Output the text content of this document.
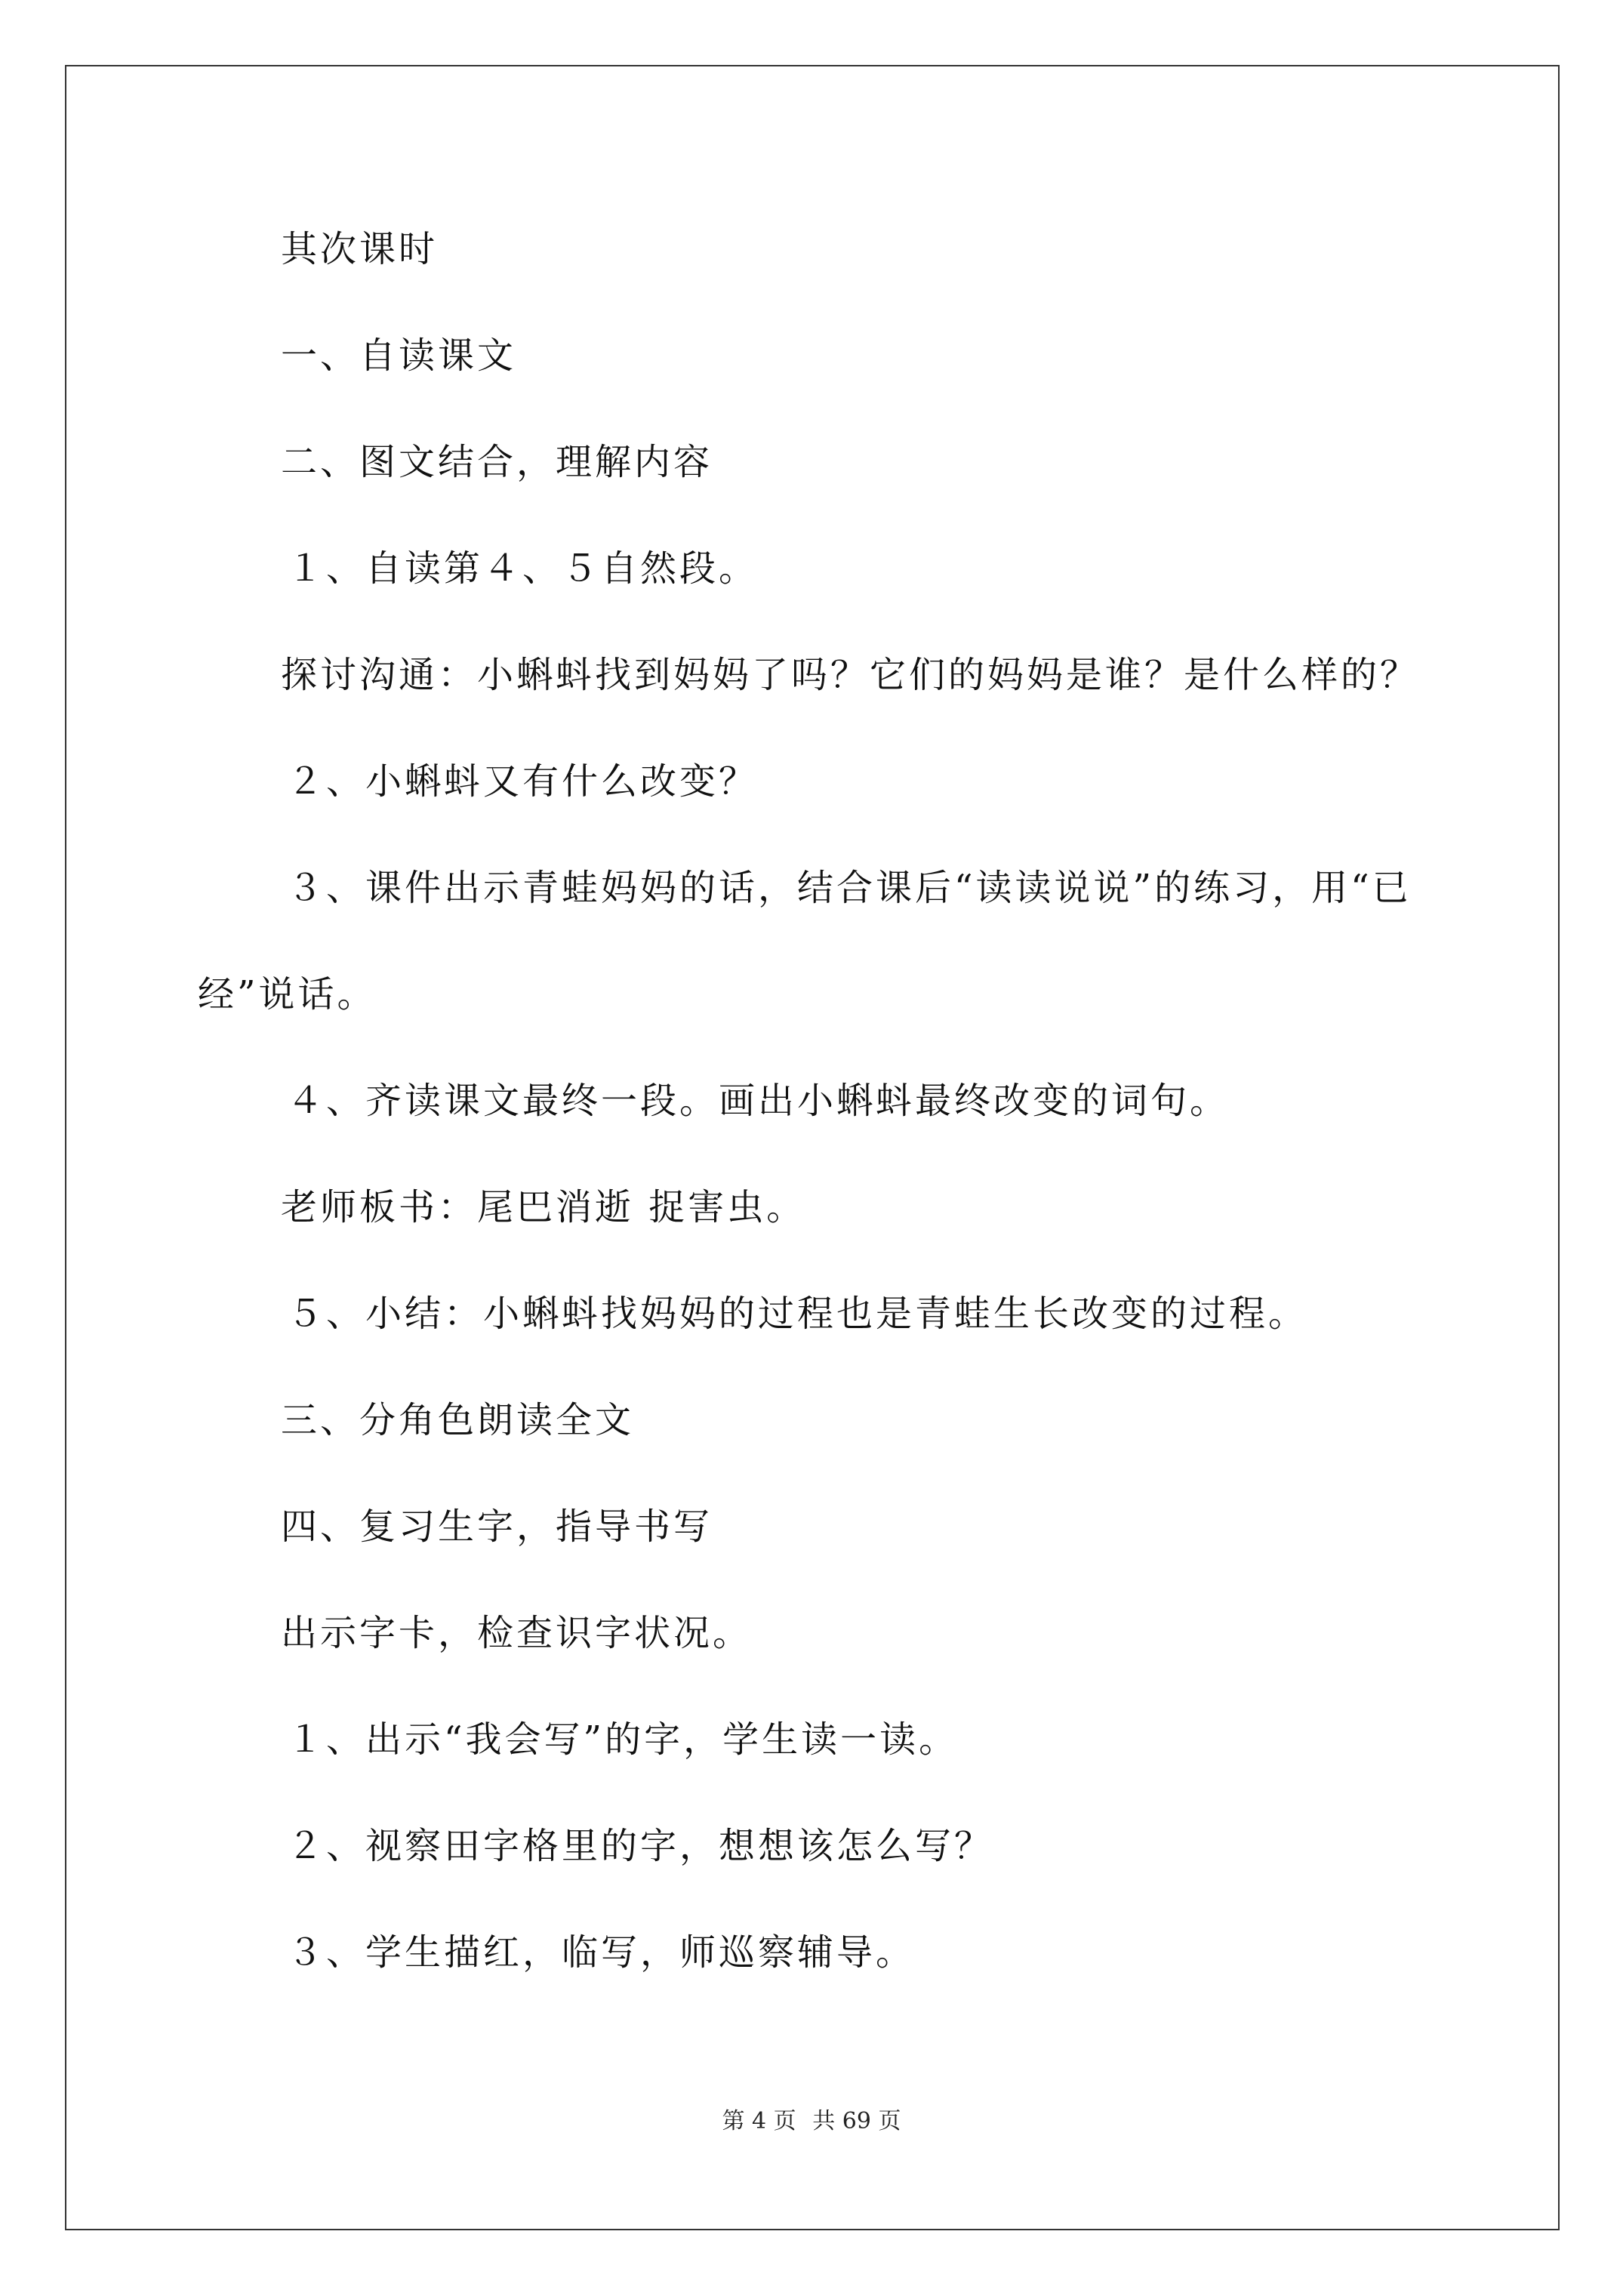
其次课时
一、自读课文
二、图文结合，理解内容
１、自读第４、５自然段。
探讨沟通：小蝌蚪找到妈妈了吗？它们的妈妈是谁？是什么样的？
２、小蝌蚪又有什么改变？
３、课件出示青蛙妈妈的话，结合课后“读读说说”的练习，用“已
经”说话。
４、齐读课文最终一段。画出小蝌蚪最终改变的词句。
老师板书：尾巴消逝 捉害虫。
５、小结：小蝌蚪找妈妈的过程也是青蛙生长改变的过程。
三、分角色朗读全文
四、复习生字，指导书写
出示字卡，检查识字状况。
１、出示“我会写”的字，学生读一读。
２、视察田字格里的字，想想该怎么写？
３、学生描红，临写，师巡察辅导。
第 4 页 共 69 页
